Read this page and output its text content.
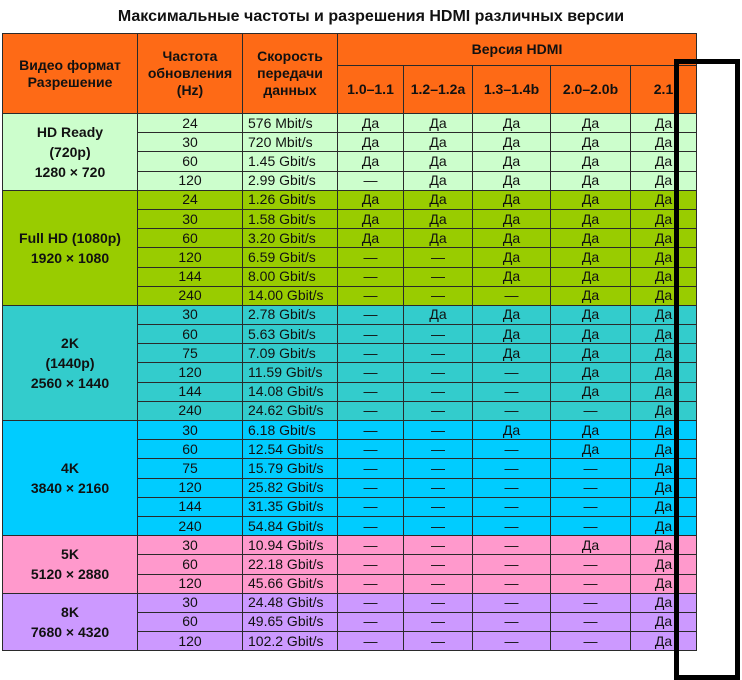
Максимальные частоты и разрешения HDMI различных версии
Видео формат Разрешение	Частота обновления (Hz)	Скорость передачи данных	Версия HDMI				
			1.0–1.1	1.2–1.2a	1.3–1.4b	2.0–2.0b	2.1

HD Ready
(720p)
1280 × 720	24	576 Mbit/s	Да	Да	Да	Да	Да
	30	720 Mbit/s	Да	Да	Да	Да	Да
	60	1.45 Gbit/s	Да	Да	Да	Да	Да
	120	2.99 Gbit/s	—	Да	Да	Да	Да

Full HD (1080p)
1920 × 1080	24	1.26 Gbit/s	Да	Да	Да	Да	Да
	30	1.58 Gbit/s	Да	Да	Да	Да	Да
	60	3.20 Gbit/s	Да	Да	Да	Да	Да
	120	6.59 Gbit/s	—	—	Да	Да	Да
	144	8.00 Gbit/s	—	—	Да	Да	Да
	240	14.00 Gbit/s	—	—	—	Да	Да

2K
(1440p)
2560 × 1440	30	2.78 Gbit/s	—	Да	Да	Да	Да
	60	5.63 Gbit/s	—	—	Да	Да	Да
	75	7.09 Gbit/s	—	—	Да	Да	Да
	120	11.59 Gbit/s	—	—	—	Да	Да
	144	14.08 Gbit/s	—	—	—	Да	Да
	240	24.62 Gbit/s	—	—	—	—	Да

4K
3840 × 2160	30	6.18 Gbit/s	—	—	Да	Да	Да
	60	12.54 Gbit/s	—	—	—	Да	Да
	75	15.79 Gbit/s	—	—	—	—	Да
	120	25.82 Gbit/s	—	—	—	—	Да
	144	31.35 Gbit/s	—	—	—	—	Да
	240	54.84 Gbit/s	—	—	—	—	Да

5K
5120 × 2880	30	10.94 Gbit/s	—	—	—	Да	Да
	60	22.18 Gbit/s	—	—	—	—	Да
	120	45.66 Gbit/s	—	—	—	—	Да

8K
7680 × 4320	30	24.48 Gbit/s	—	—	—	—	Да
	60	49.65 Gbit/s	—	—	—	—	Да
	120	102.2 Gbit/s	—	—	—	—	Да
